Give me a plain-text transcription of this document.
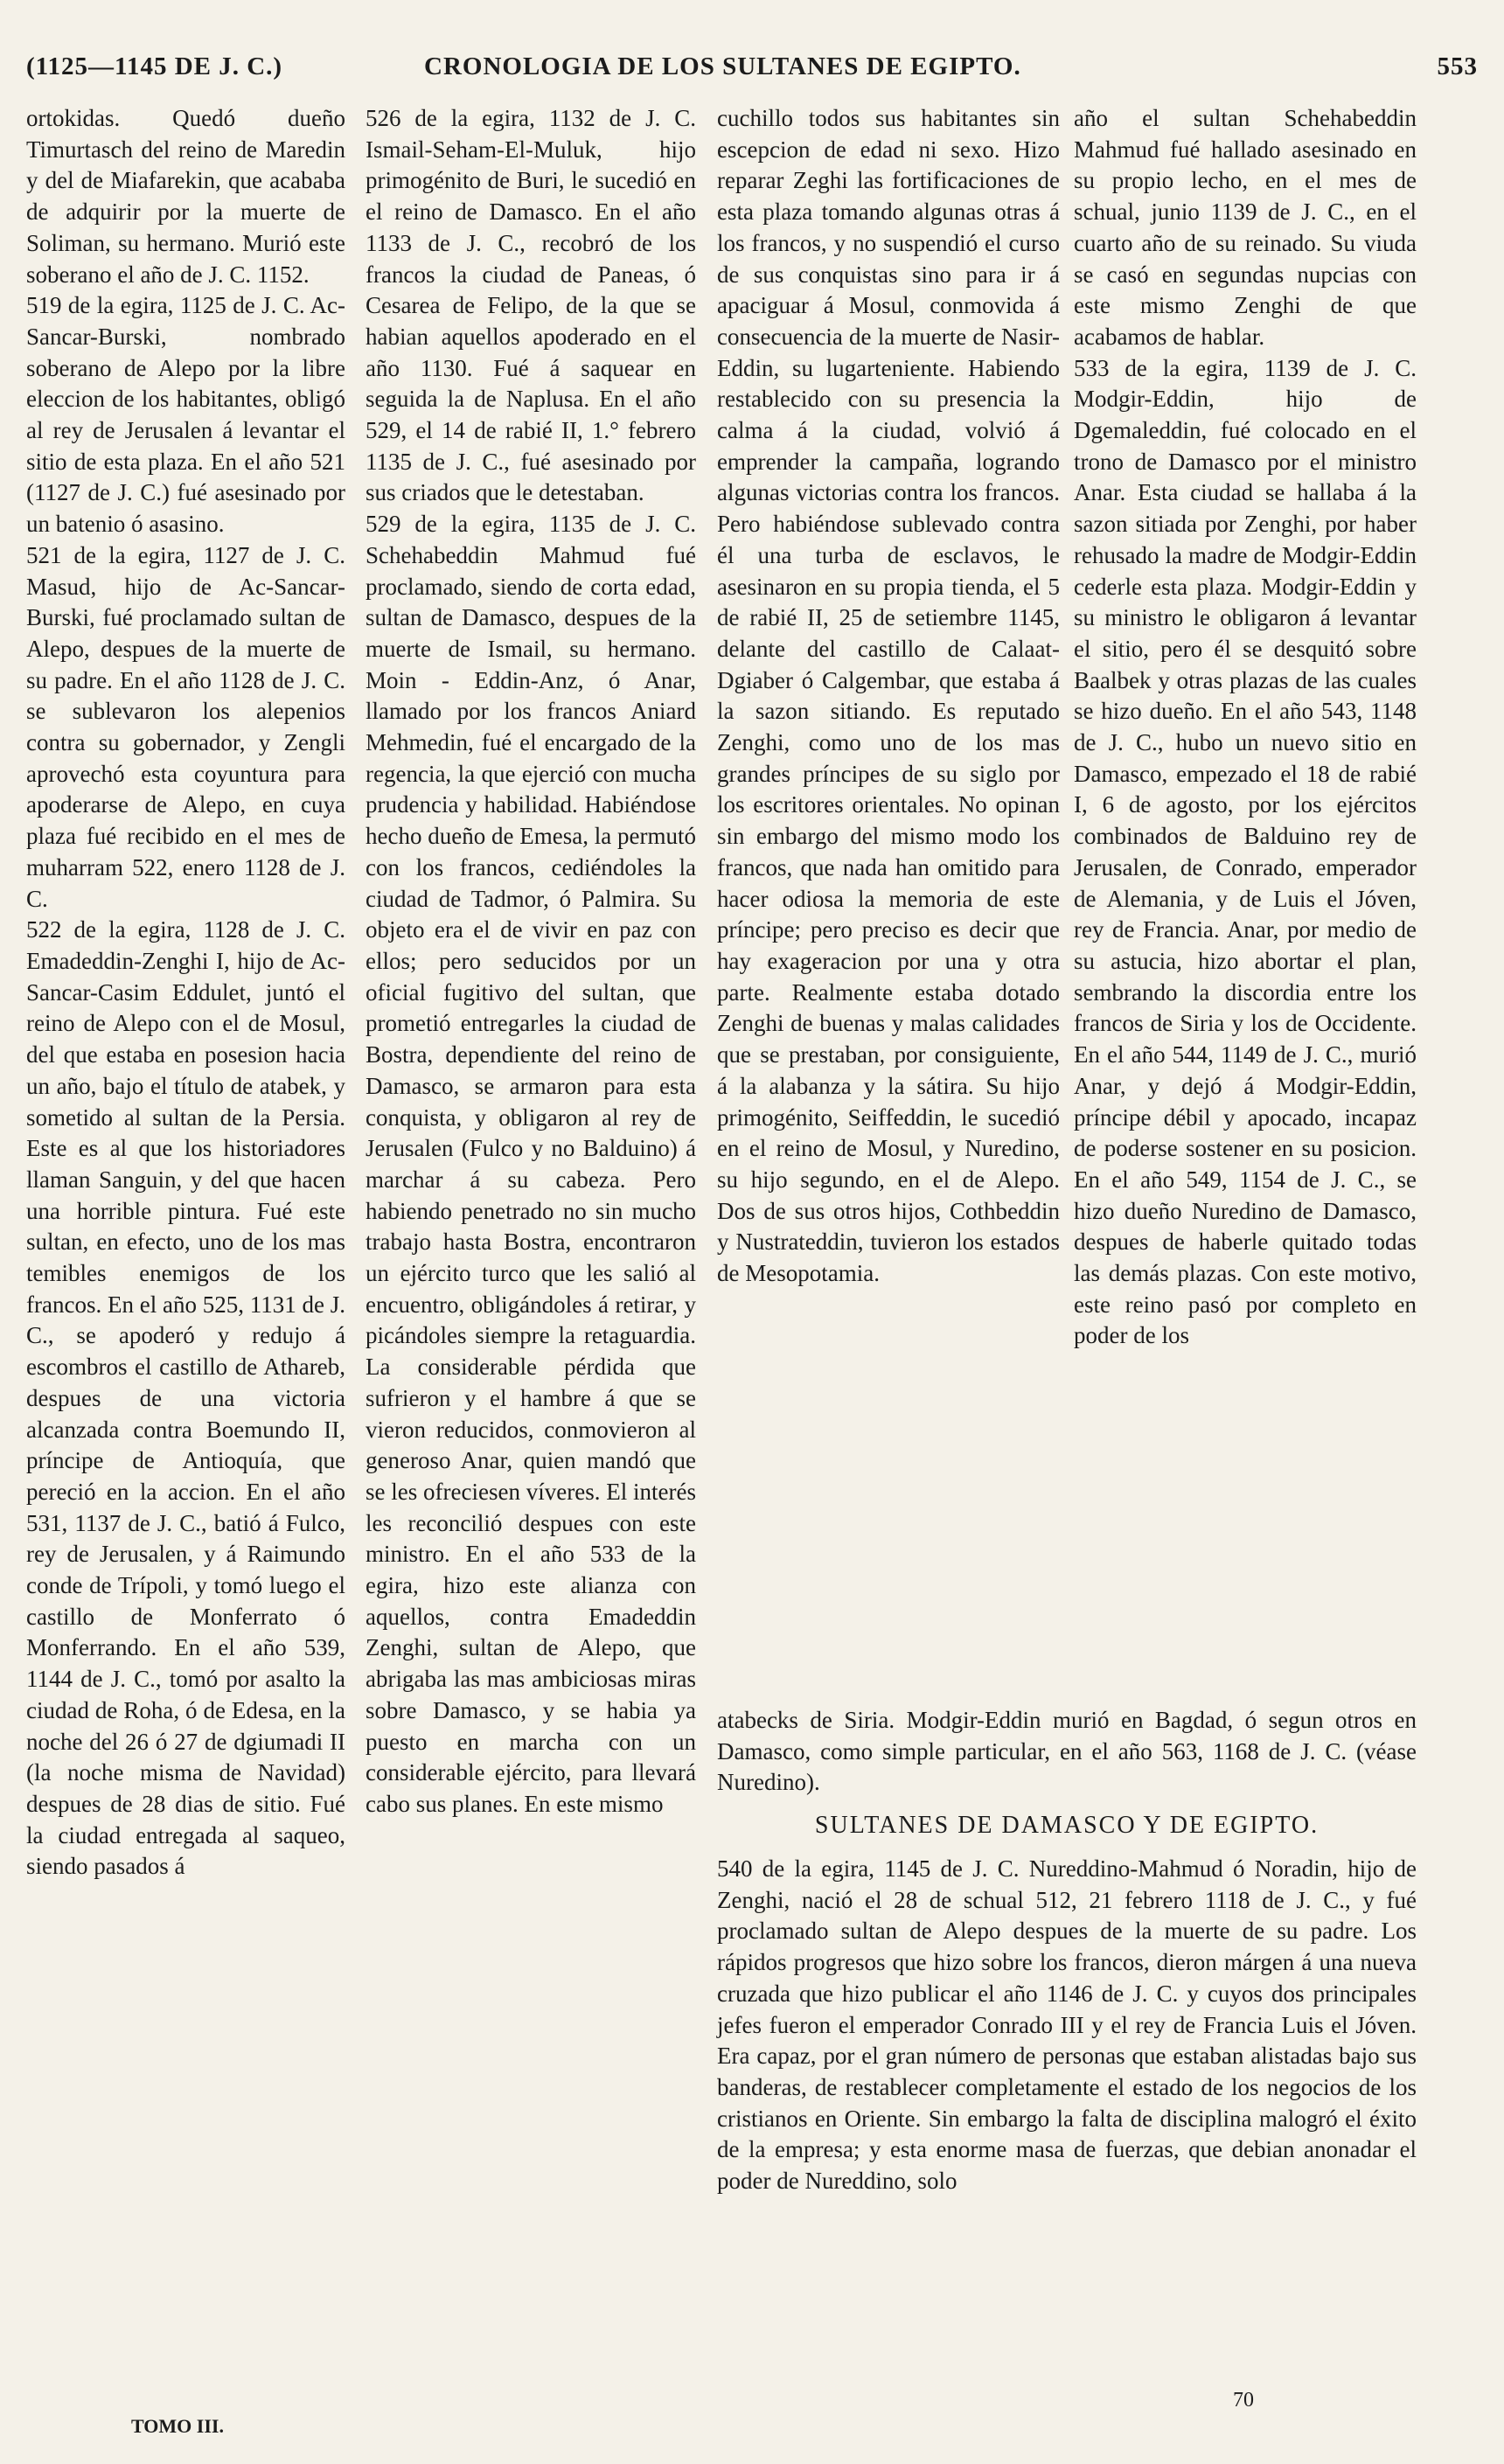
(1125—1145 DE J. C.)	CRONOLOGIA DE LOS SULTANES DE EGIPTO.	553

ortokidas. Quedó dueño Timurtasch del reino de Maredin y del de Miafarekin, que acababa de adquirir por la muerte de Soliman, su hermano. Murió este soberano el año de J. C. 1152.

519 de la egira, 1125 de J. C. Ac-Sancar-Burski, nombrado soberano de Alepo por la libre eleccion de los habitantes, obligó al rey de Jerusalen á levantar el sitio de esta plaza. En el año 521 (1127 de J. C.) fué asesinado por un batenio ó asasino.

521 de la egira, 1127 de J. C. Masud, hijo de Ac-Sancar-Burski, fué proclamado sultan de Alepo, despues de la muerte de su padre. En el año 1128 de J. C. se sublevaron los alepenios contra su gobernador, y Zengli aprovechó esta coyuntura para apoderarse de Alepo, en cuya plaza fué recibido en el mes de muharram 522, enero 1128 de J. C.

522 de la egira, 1128 de J. C. Emadeddin-Zenghi I, hijo de Ac-Sancar-Casim Eddulet, juntó el reino de Alepo con el de Mosul, del que estaba en posesion hacia un año, bajo el título de atabek, y sometido al sultan de la Persia. Este es al que los historiadores llaman Sanguin, y del que hacen una horrible pintura. Fué este sultan, en efecto, uno de los mas temibles enemigos de los francos. En el año 525, 1131 de J. C., se apoderó y redujo á escombros el castillo de Athareb, despues de una victoria alcanzada contra Boemundo II, príncipe de Antioquía, que pereció en la accion. En el año 531, 1137 de J. C., batió á Fulco, rey de Jerusalen, y á Raimundo conde de Trípoli, y tomó luego el castillo de Monferrato ó Monferrando. En el año 539, 1144 de J. C., tomó por asalto la ciudad de Roha, ó de Edesa, en la noche del 26 ó 27 de dgiumadi II (la noche misma de Navidad) despues de 28 dias de sitio. Fué la ciudad entregada al saqueo, siendo pasados á

526 de la egira, 1132 de J. C. Ismail-Seham-El-Muluk, hijo primogénito de Buri, le sucedió en el reino de Damasco. En el año 1133 de J. C., recobró de los francos la ciudad de Paneas, ó Cesarea de Felipo, de la que se habian aquellos apoderado en el año 1130. Fué á saquear en seguida la de Naplusa. En el año 529, el 14 de rabié II, 1.° febrero 1135 de J. C., fué asesinado por sus criados que le detestaban.

529 de la egira, 1135 de J. C. Schehabeddin Mahmud fué proclamado, siendo de corta edad, sultan de Damasco, despues de la muerte de Ismail, su hermano. Moin - Eddin-Anz, ó Anar, llamado por los francos Aniard Mehmedin, fué el encargado de la regencia, la que ejerció con mucha prudencia y habilidad. Habiéndose hecho dueño de Emesa, la permutó con los francos, cediéndoles la ciudad de Tadmor, ó Palmira. Su objeto era el de vivir en paz con ellos; pero seducidos por un oficial fugitivo del sultan, que prometió entregarles la ciudad de Bostra, dependiente del reino de Damasco, se armaron para esta conquista, y obligaron al rey de Jerusalen (Fulco y no Balduino) á marchar á su cabeza. Pero habiendo penetrado no sin mucho trabajo hasta Bostra, encontraron un ejército turco que les salió al encuentro, obligándoles á retirar, y picándoles siempre la retaguardia. La considerable pérdida que sufrieron y el hambre á que se vieron reducidos, conmovieron al generoso Anar, quien mandó que se les ofreciesen víveres. El interés les reconcilió despues con este ministro. En el año 533 de la egira, hizo este alianza con aquellos, contra Emadeddin Zenghi, sultan de Alepo, que abrigaba las mas ambiciosas miras sobre Damasco, y se habia ya puesto en marcha con un considerable ejército, para llevará cabo sus planes. En este mismo

cuchillo todos sus habitantes sin escepcion de edad ni sexo. Hizo reparar Zeghi las fortificaciones de esta plaza tomando algunas otras á los francos, y no suspendió el curso de sus conquistas sino para ir á apaciguar á Mosul, conmovida á consecuencia de la muerte de Nasir-Eddin, su lugarteniente. Habiendo restablecido con su presencia la calma á la ciudad, volvió á emprender la campaña, logrando algunas victorias contra los francos. Pero habiéndose sublevado contra él una turba de esclavos, le asesinaron en su propia tienda, el 5 de rabié II, 25 de setiembre 1145, delante del castillo de Calaat-Dgiaber ó Calgembar, que estaba á la sazon sitiando. Es reputado Zenghi, como uno de los mas grandes príncipes de su siglo por los escritores orientales. No opinan sin embargo del mismo modo los francos, que nada han omitido para hacer odiosa la memoria de este príncipe; pero preciso es decir que hay exageracion por una y otra parte. Realmente estaba dotado Zenghi de buenas y malas calidades que se prestaban, por consiguiente, á la alabanza y la sátira. Su hijo primogénito, Seiffeddin, le sucedió en el reino de Mosul, y Nuredino, su hijo segundo, en el de Alepo. Dos de sus otros hijos, Cothbeddin y Nustrateddin, tuvieron los estados de Mesopotamia.

año el sultan Schehabeddin Mahmud fué hallado asesinado en su propio lecho, en el mes de schual, junio 1139 de J. C., en el cuarto año de su reinado. Su viuda se casó en segundas nupcias con este mismo Zenghi de que acabamos de hablar.

533 de la egira, 1139 de J. C. Modgir-Eddin, hijo de Dgemaleddin, fué colocado en el trono de Damasco por el ministro Anar. Esta ciudad se hallaba á la sazon sitiada por Zenghi, por haber rehusado la madre de Modgir-Eddin cederle esta plaza. Modgir-Eddin y su ministro le obligaron á levantar el sitio, pero él se desquitó sobre Baalbek y otras plazas de las cuales se hizo dueño. En el año 543, 1148 de J. C., hubo un nuevo sitio en Damasco, empezado el 18 de rabié I, 6 de agosto, por los ejércitos combinados de Balduino rey de Jerusalen, de Conrado, emperador de Alemania, y de Luis el Jóven, rey de Francia. Anar, por medio de su astucia, hizo abortar el plan, sembrando la discordia entre los francos de Siria y los de Occidente. En el año 544, 1149 de J. C., murió Anar, y dejó á Modgir-Eddin, príncipe débil y apocado, incapaz de poderse sostener en su posicion. En el año 549, 1154 de J. C., se hizo dueño Nuredino de Damasco, despues de haberle quitado todas las demás plazas. Con este motivo, este reino pasó por completo en poder de los

atabecks de Siria. Modgir-Eddin murió en Bagdad, ó segun otros en Damasco, como simple particular, en el año 563, 1168 de J. C. (véase Nuredino).
SULTANES DE DAMASCO Y DE EGIPTO.
540 de la egira, 1145 de J. C. Nureddino-Mahmud ó Noradin, hijo de Zenghi, nació el 28 de schual 512, 21 febrero 1118 de J. C., y fué proclamado sultan de Alepo despues de la muerte de su padre. Los rápidos progresos que hizo sobre los francos, dieron márgen á una nueva cruzada que hizo publicar el año 1146 de J. C. y cuyos dos principales jefes fueron el emperador Conrado III y el rey de Francia Luis el Jóven. Era capaz, por el gran número de personas que estaban alistadas bajo sus banderas, de restablecer completamente el estado de los negocios de los cristianos en Oriente. Sin embargo la falta de disciplina malogró el éxito de la empresa; y esta enorme masa de fuerzas, que debian anonadar el poder de Nureddino, solo
TOMO III.
70
